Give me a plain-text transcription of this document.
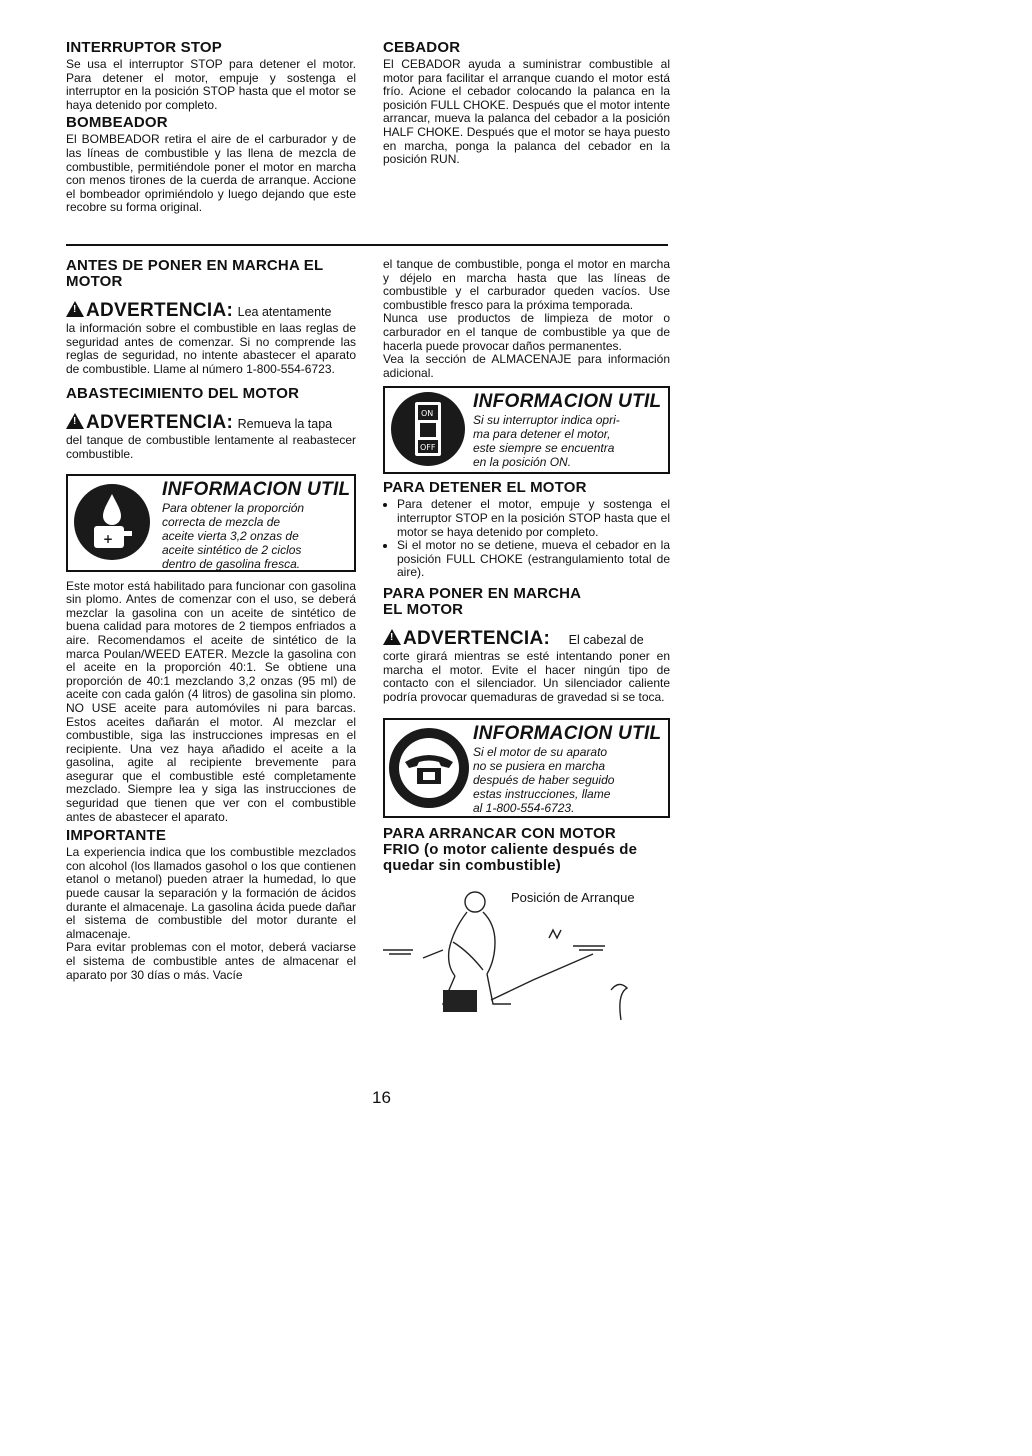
INTERRUPTOR STOP

Se usa el interruptor STOP para detener el motor. Para detener el motor, empuje y sostenga el interruptor en la posición STOP hasta que el motor se haya detenido por completo.

BOMBEADOR

El BOMBEADOR retira el aire de el carburador y de las líneas de combustible y las llena de mezcla de combustible, permitiéndole poner el motor en marcha con menos tirones de la cuerda de arranque. Accione el bombeador oprimiéndolo y luego dejando que este recobre su forma original.

CEBADOR

El CEBADOR ayuda a suministrar combustible al motor para facilitar el arranque cuando el motor está frío. Acione el cebador colocando la palanca en la posición FULL CHOKE. Después que el motor intente arrancar, mueva la palanca del cebador a la posición HALF CHOKE. Después que el motor se haya puesto en marcha, ponga la palanca del cebador en la posición RUN.

ANTES DE PONER EN MARCHA EL MOTOR
! ADVERTENCIA: Lea atentamente

la información sobre el combustible en laas reglas de seguridad antes de comenzar. Si no comprende las reglas de seguridad, no intente abastecer el aparato de combustible. Llame al número 1-800-554-6723.

ABASTECIMIENTO DEL MOTOR
! ADVERTENCIA: Remueva la tapa

del tanque de combustible lentamente al reabastecer combustible.

+
INFORMACION UTIL
Para obtener la proporción
correcta de mezcla de
aceite vierta 3,2 onzas de
aceite sintético de 2 ciclos
dentro de gasolina fresca.

Este motor está habilitado para funcionar con gasolina sin plomo. Antes de comenzar con el uso, se deberá mezclar la gasolina con un aceite de sintético de buena calidad para motores de 2 tiempos enfriados a aire. Recomendamos el aceite de sintético de la marca Poulan/WEED EATER. Mezcle la gasolina con el aceite en la proporción 40:1. Se obtiene una proporción de 40:1 mezclando 3,2 onzas (95 ml) de aceite con cada galón (4 litros) de gasolina sin plomo. NO USE aceite para automóviles ni para barcas. Estos aceites dañarán el motor. Al mezclar el combustible, siga las instrucciones impresas en el recipiente. Una vez haya añadido el aceite a la gasolina, agite al recipiente brevemente para asegurar que el combustible esté completamente mezclado. Siempre lea y siga las instrucciones de seguridad que tienen que ver con el combustible antes de abastecer el aparato.

IMPORTANTE

La experiencia indica que los combustible mezclados con alcohol (los llamados gasohol o los que contienen etanol o metanol) pueden atraer la humedad, lo que puede causar la separación y la formación de ácidos durante el almacenaje. La gasolina ácida puede dañar el sistema de combustible del motor durante el almacenaje.

Para evitar problemas con el motor, deberá vaciarse el sistema de combustible antes de almacenar el aparato por 30 días o más. Vacíe

el tanque de combustible, ponga el motor en marcha y déjelo en marcha hasta que las líneas de combustible y el carburador queden vacíos. Use combustible fresco para la próxima temporada.

Nunca use productos de limpieza de motor o carburador en el tanque de combustible ya que de hacerla puede provocar daños permanentes.

Vea la sección de ALMACENAJE para información adicional.

ON
OFF
INFORMACION UTIL
Si su interruptor indica opri-
ma para detener el motor,
este siempre se encuentra
en la posición ON.
PARA DETENER EL MOTOR
• Para detener el motor, empuje y sostenga el interruptor STOP en la posición STOP hasta que el motor se haya detenido por completo.
• Si el motor no se detiene, mueva el cebador en la posición FULL CHOKE (estrangulamiento total de aire).
PARA PONER EN MARCHA
EL MOTOR
! ADVERTENCIA: El cabezal de

corte girará mientras se esté intentando poner en marcha el motor. Evite el hacer ningún tipo de contacto con el silenciador. Un silenciador caliente podría provocar quemaduras de gravedad si se toca.

INFORMACION UTIL
Si el motor de su aparato
no se pusiera en marcha
después de haber seguido
estas instrucciones, llame
al 1-800-554-6723.
PARA ARRANCAR CON MOTOR
FRIO (o motor caliente después de quedar sin combustible)
Posición de Arranque
16
